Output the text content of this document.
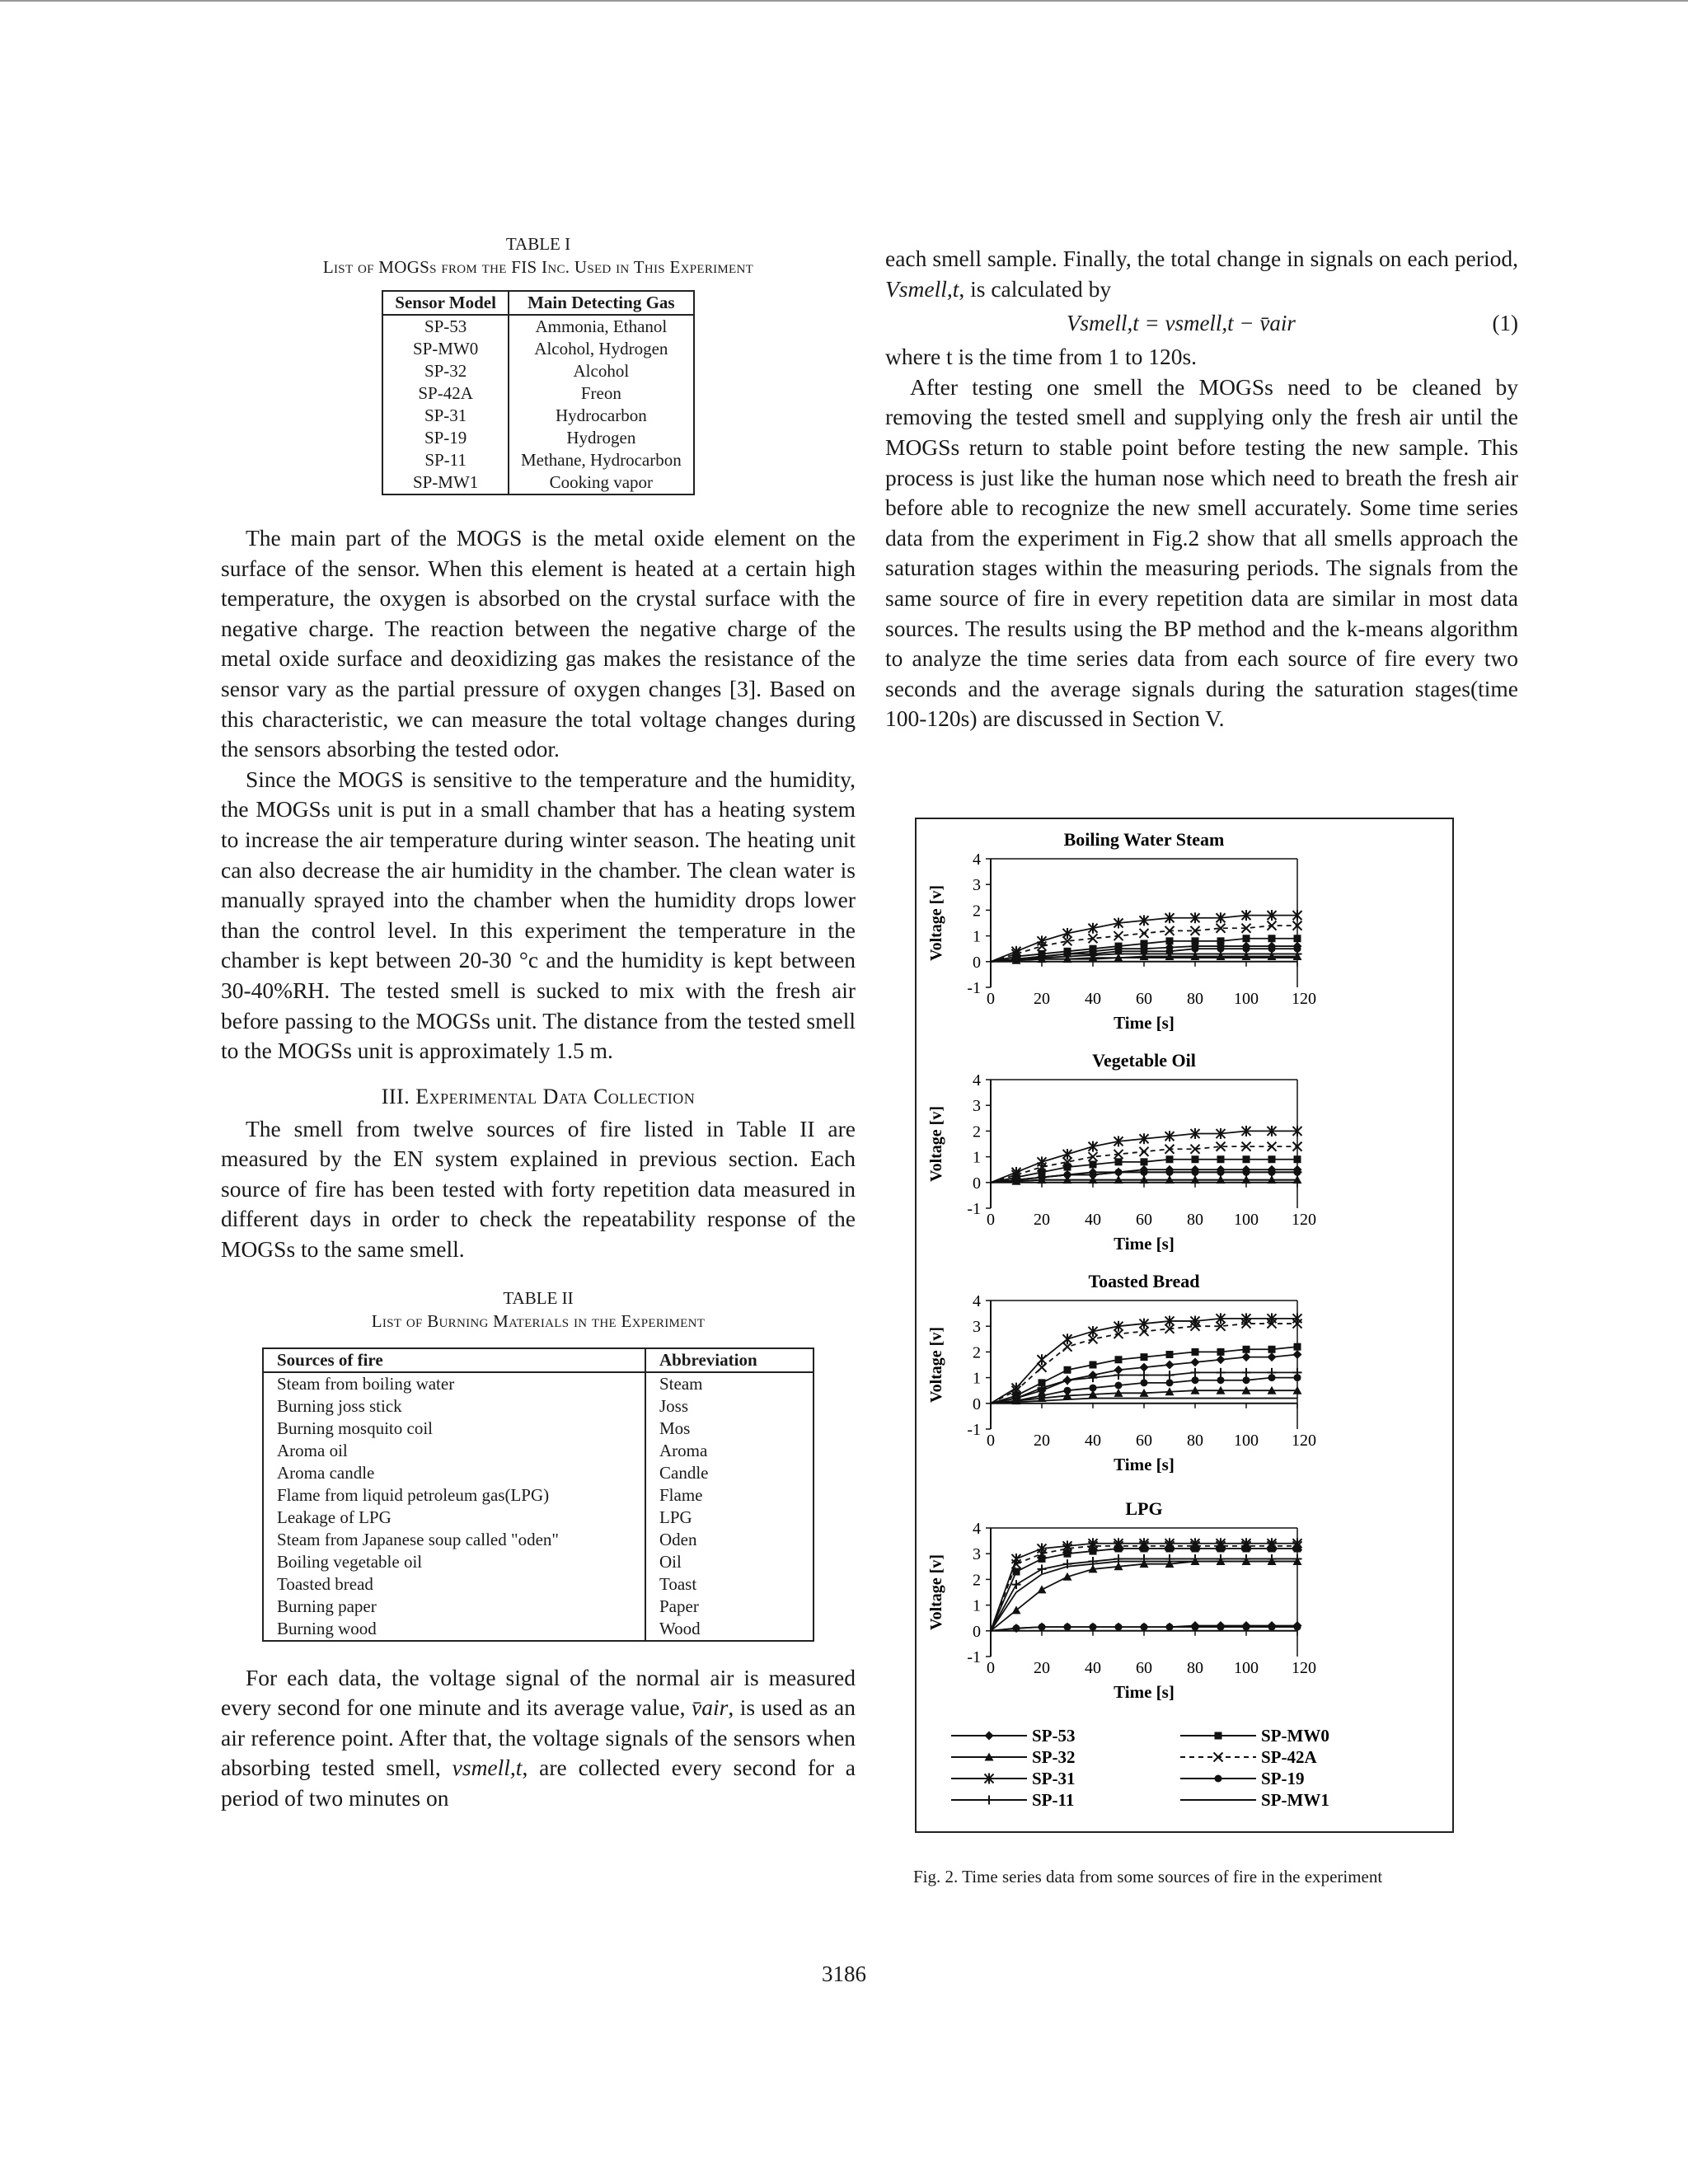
TABLE I
List of MOGSs from the FIS Inc. Used in This Experiment
Sensor Model	Main Detecting Gas
SP-53	Ammonia, Ethanol
SP-MW0	Alcohol, Hydrogen
SP-32	Alcohol
SP-42A	Freon
SP-31	Hydrocarbon
SP-19	Hydrogen
SP-11	Methane, Hydrocarbon
SP-MW1	Cooking vapor

The main part of the MOGS is the metal oxide element on the surface of the sensor. When this element is heated at a certain high temperature, the oxygen is absorbed on the crystal surface with the negative charge. The reaction between the negative charge of the metal oxide surface and deoxidizing gas makes the resistance of the sensor vary as the partial pressure of oxygen changes [3]. Based on this characteristic, we can measure the total voltage changes during the sensors absorbing the tested odor.

Since the MOGS is sensitive to the temperature and the humidity, the MOGSs unit is put in a small chamber that has a heating system to increase the air temperature during winter season. The heating unit can also decrease the air humidity in the chamber. The clean water is manually sprayed into the chamber when the humidity drops lower than the control level. In this experiment the temperature in the chamber is kept between 20-30 °c and the humidity is kept between 30-40%RH. The tested smell is sucked to mix with the fresh air before passing to the MOGSs unit. The distance from the tested smell to the MOGSs unit is approximately 1.5 m.

III. Experimental Data Collection

The smell from twelve sources of fire listed in Table II are measured by the EN system explained in previous section. Each source of fire has been tested with forty repetition data measured in different days in order to check the repeatability response of the MOGSs to the same smell.

TABLE II
List of Burning Materials in the Experiment
Sources of fire	Abbreviation
Steam from boiling water	Steam
Burning joss stick	Joss
Burning mosquito coil	Mos
Aroma oil	Aroma
Aroma candle	Candle
Flame from liquid petroleum gas(LPG)	Flame
Leakage of LPG	LPG
Steam from Japanese soup called "oden"	Oden
Boiling vegetable oil	Oil
Toasted bread	Toast
Burning paper	Paper
Burning wood	Wood

For each data, the voltage signal of the normal air is measured every second for one minute and its average value, v̄air, is used as an air reference point. After that, the voltage signals of the sensors when absorbing tested smell, vsmell,t, are collected every second for a period of two minutes on

each smell sample. Finally, the total change in signals on each period, Vsmell,t, is calculated by

Vsmell,t = vsmell,t − v̄air	(1)

where t is the time from 1 to 120s.

After testing one smell the MOGSs need to be cleaned by removing the tested smell and supplying only the fresh air until the MOGSs return to stable point before testing the new sample. This process is just like the human nose which need to breath the fresh air before able to recognize the new smell accurately. Some time series data from the experiment in Fig.2 show that all smells approach the saturation stages within the measuring periods. The signals from the same source of fire in every repetition data are similar in most data sources. The results using the BP method and the k-means algorithm to analyze the time series data from each source of fire every two seconds and the average signals during the saturation stages(time 100-120s) are discussed in Section V.

Boiling Water Steam
-1
0
1
2
3
4
0 20 40 60 80 100 120
Voltage [v]
Time [s]
Vegetable Oil
-1
0
1
2
3
4
0 20 40 60 80 100 120
Voltage [v]
Time [s]
Toasted Bread
-1
0
1
2
3
4
0 20 40 60 80 100 120
Voltage [v]
Time [s]
LPG
-1
0
1
2
3
4
0 20 40 60 80 100 120
Voltage [v]
Time [s]
SP-53	SP-MW0
SP-32	SP-42A
SP-31	SP-19
SP-11	SP-MW1
Fig. 2. Time series data from some sources of fire in the experiment
3186
